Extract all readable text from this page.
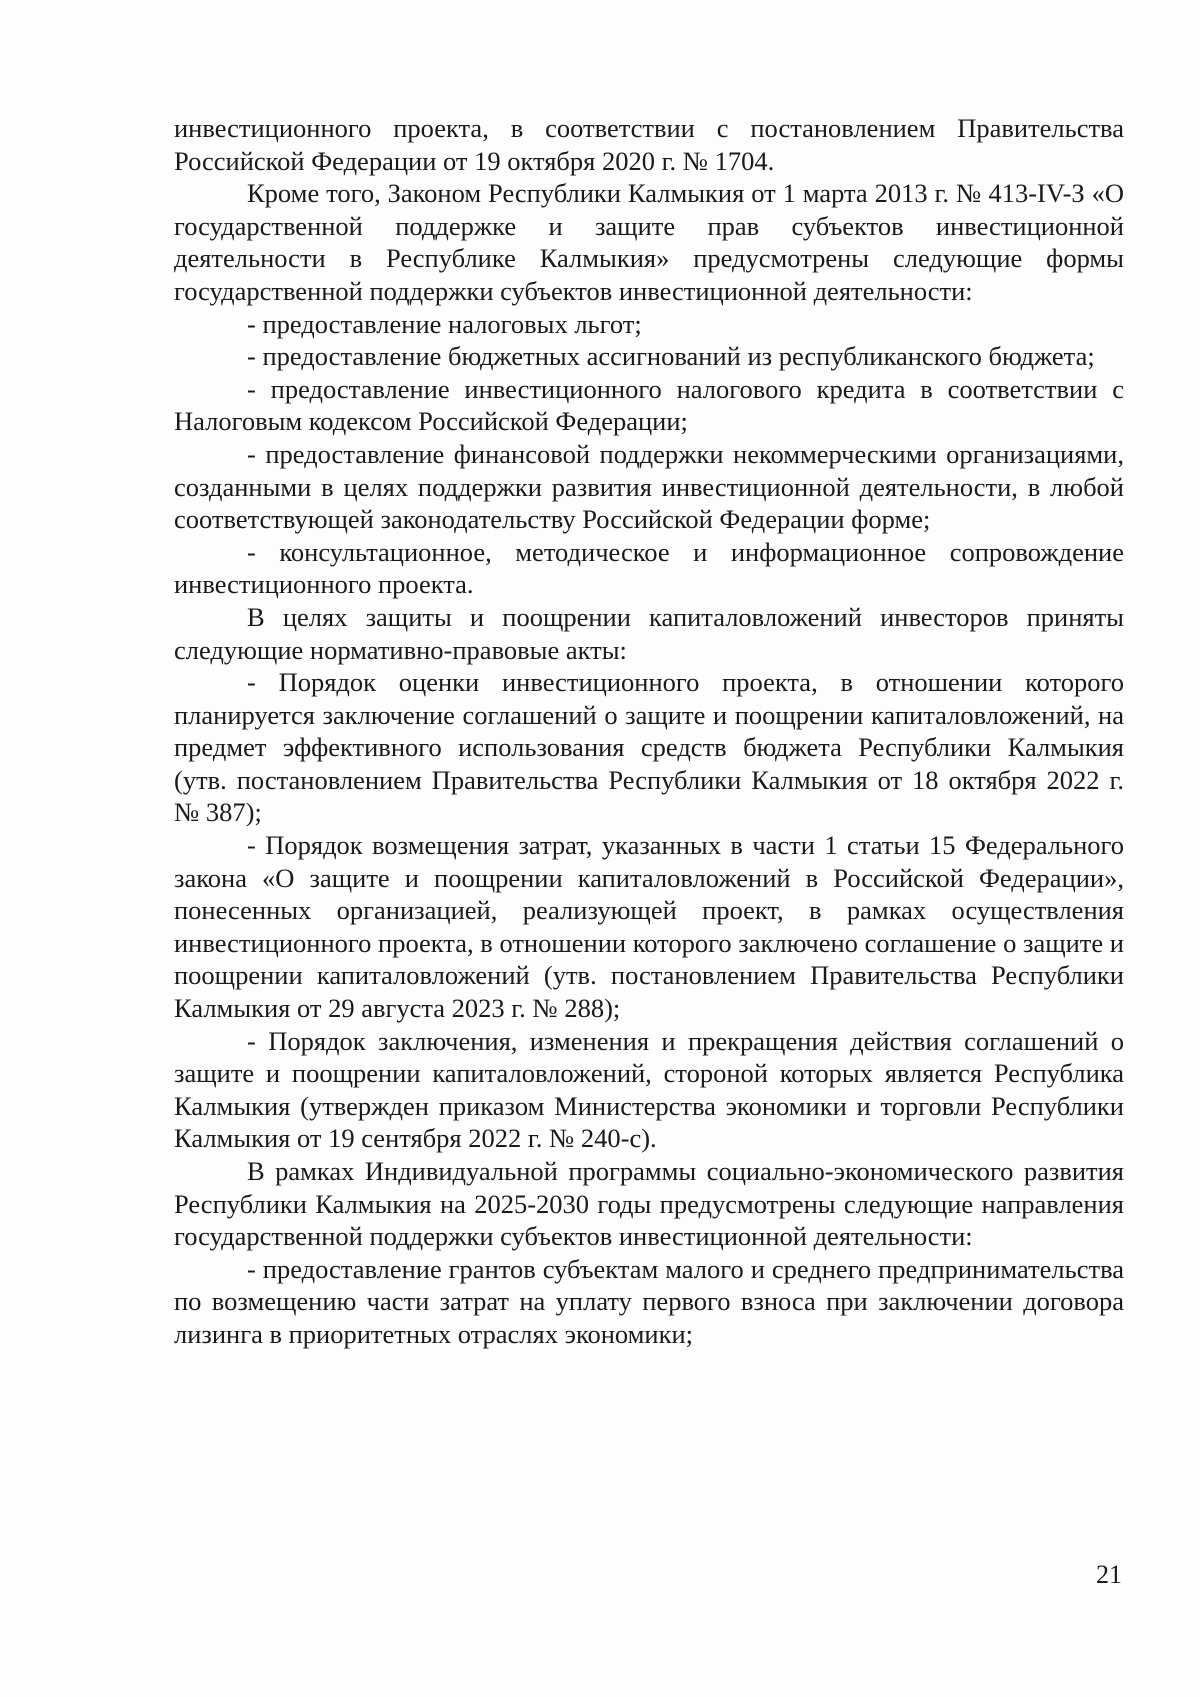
инвестиционного проекта, в соответствии с постановлением Правительства Российской Федерации от 19 октября 2020 г. № 1704.

Кроме того, Законом Республики Калмыкия от 1 марта 2013 г. № 413-IV-З «О государственной поддержке и защите прав субъектов инвестиционной деятельности в Республике Калмыкия» предусмотрены следующие формы государственной поддержки субъектов инвестиционной деятельности:

- предоставление налоговых льгот;

- предоставление бюджетных ассигнований из республиканского бюджета;

- предоставление инвестиционного налогового кредита в соответствии с Налоговым кодексом Российской Федерации;

- предоставление финансовой поддержки некоммерческими организациями, созданными в целях поддержки развития инвестиционной деятельности, в любой соответствующей законодательству Российской Федерации форме;

- консультационное, методическое и информационное сопровождение инвестиционного проекта.

В целях защиты и поощрении капиталовложений инвесторов приняты следующие нормативно-правовые акты:

- Порядок оценки инвестиционного проекта, в отношении которого планируется заключение соглашений о защите и поощрении капиталовложений, на предмет эффективного использования средств бюджета Республики Калмыкия (утв. постановлением Правительства Республики Калмыкия от 18 октября 2022 г. № 387);

- Порядок возмещения затрат, указанных в части 1 статьи 15 Федерального закона «О защите и поощрении капиталовложений в Российской Федерации», понесенных организацией, реализующей проект, в рамках осуществления инвестиционного проекта, в отношении которого заключено соглашение о защите и поощрении капиталовложений (утв. постановлением Правительства Республики Калмыкия от 29 августа 2023 г. № 288);

- Порядок заключения, изменения и прекращения действия соглашений о защите и поощрении капиталовложений, стороной которых является Республика Калмыкия (утвержден приказом Министерства экономики и торговли Республики Калмыкия от 19 сентября 2022 г. № 240-с).

В рамках Индивидуальной программы социально-экономического развития Республики Калмыкия на 2025-2030 годы предусмотрены следующие направления государственной поддержки субъектов инвестиционной деятельности:

- предоставление грантов субъектам малого и среднего предпринимательства по возмещению части затрат на уплату первого взноса при заключении договора лизинга в приоритетных отраслях экономики;

21
